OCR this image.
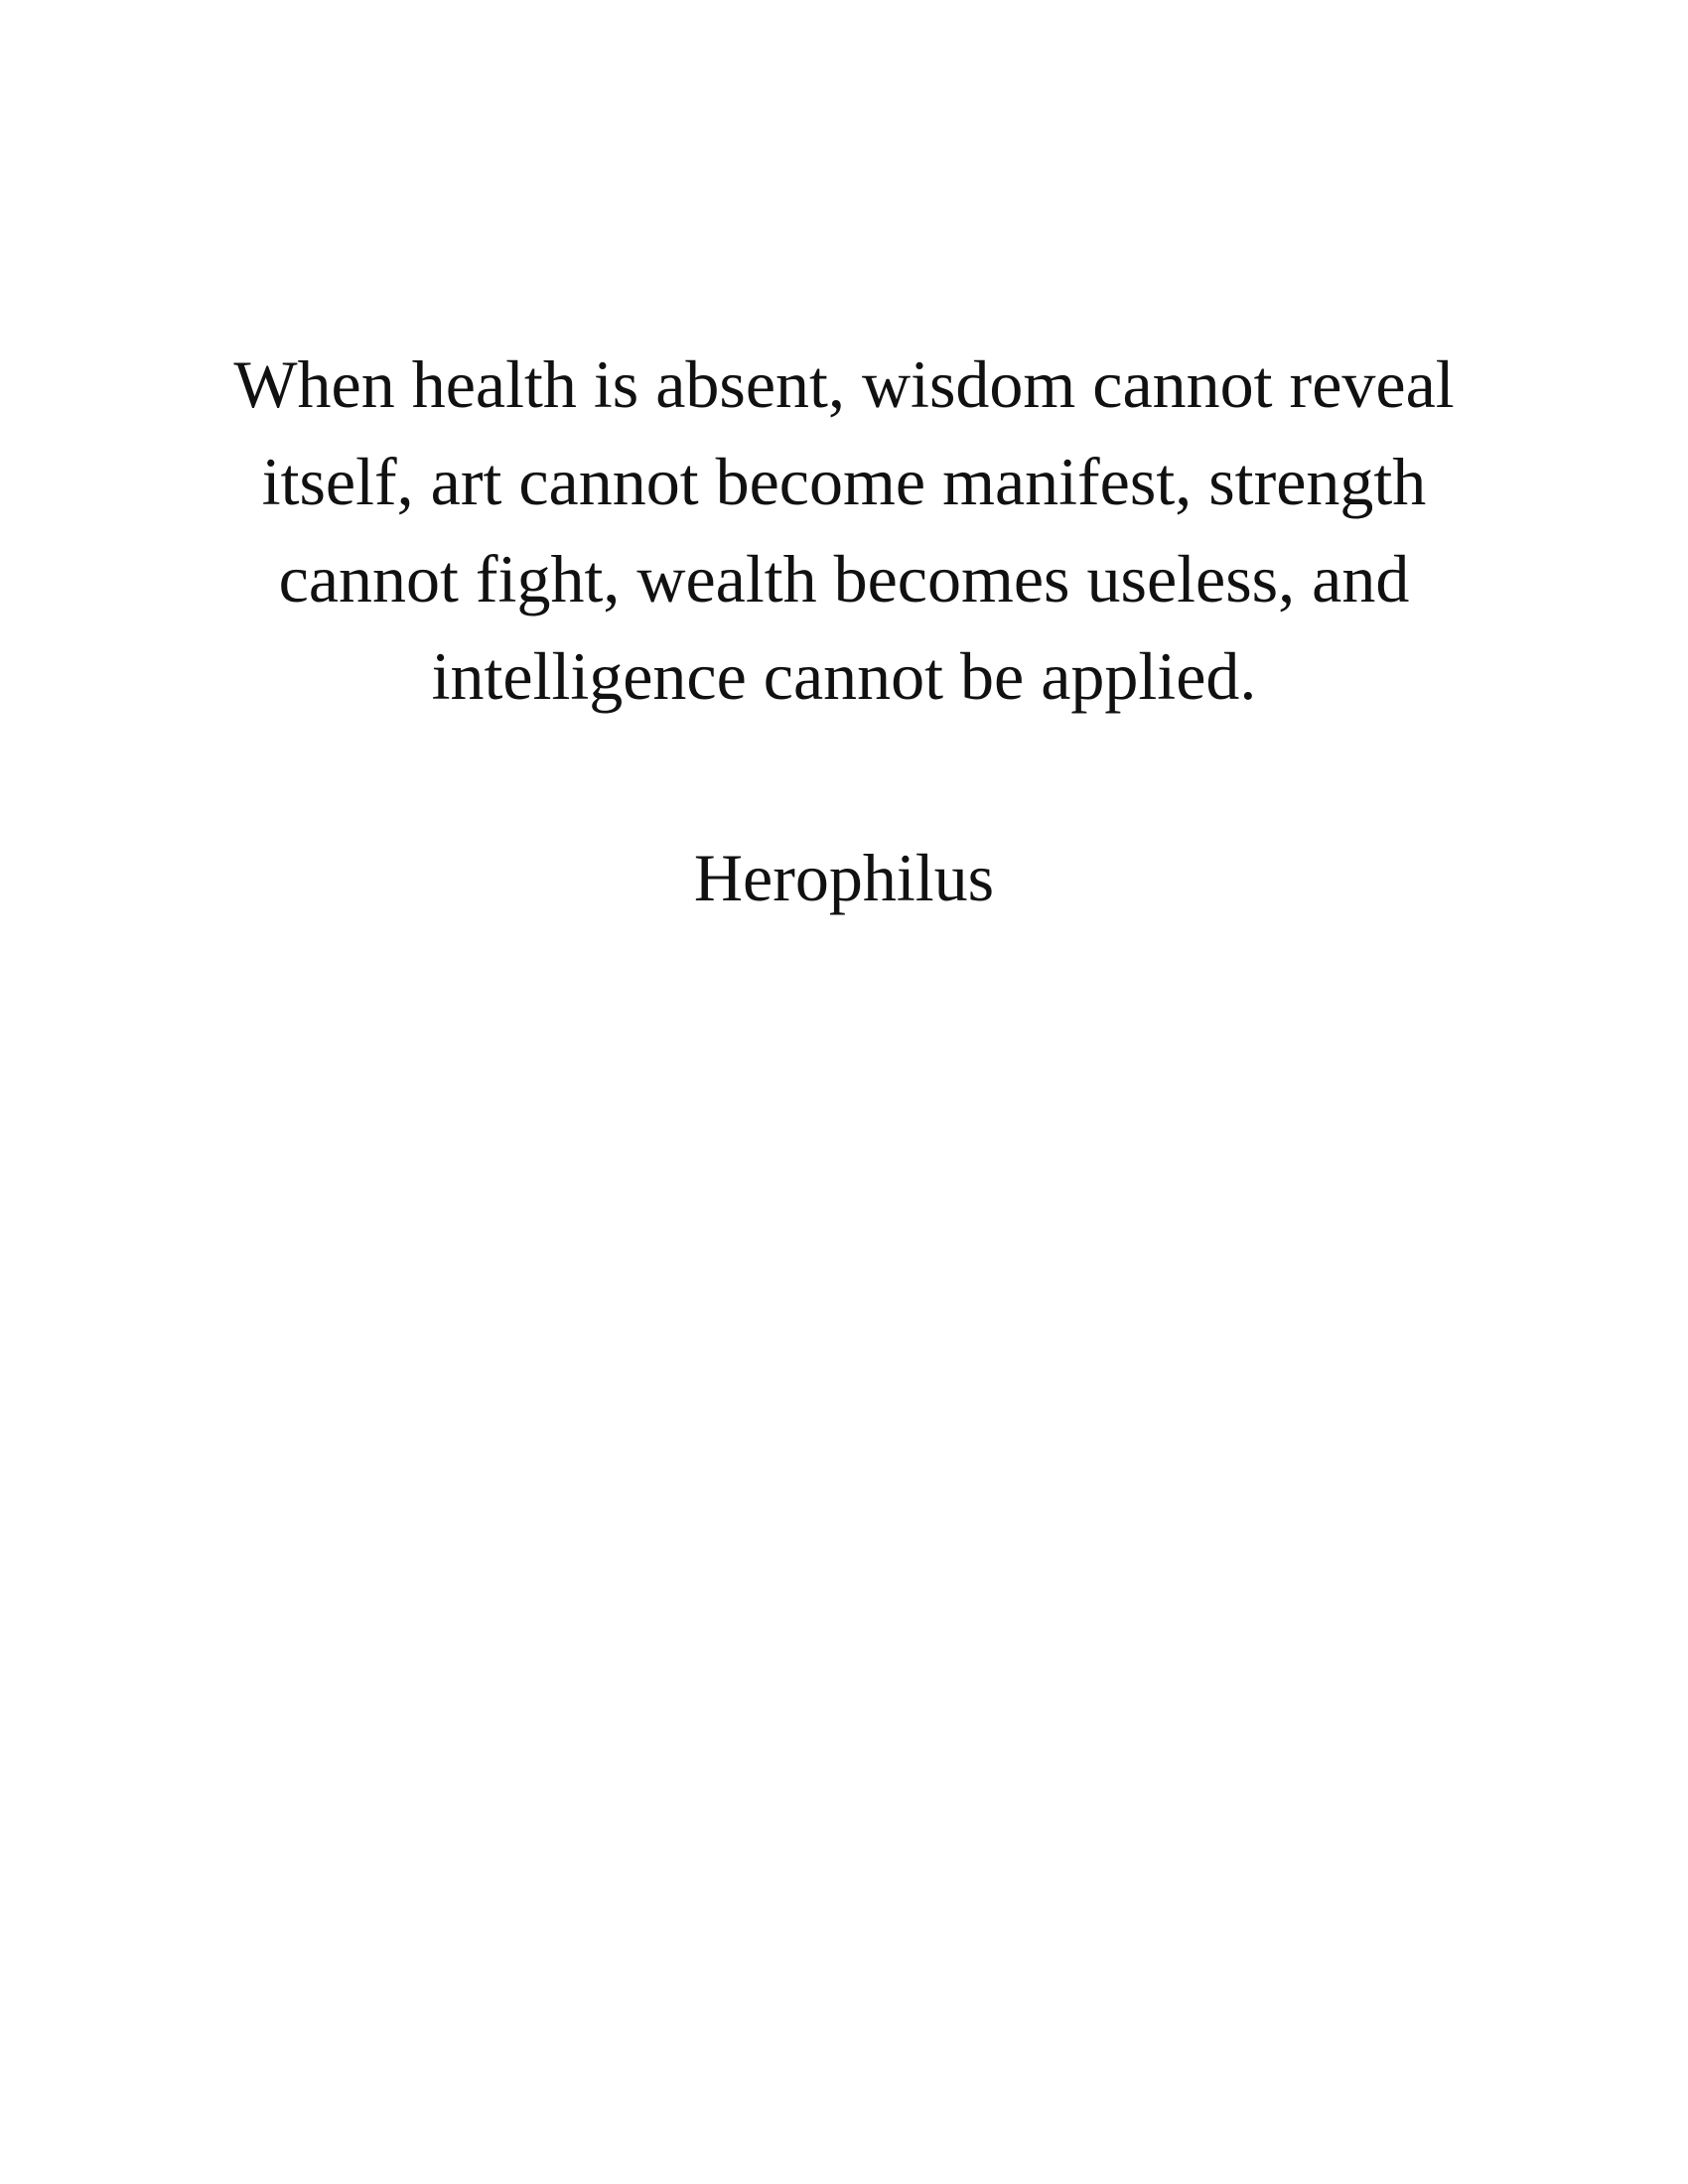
When health is absent, wisdom cannot reveal
itself, art cannot become manifest, strength
cannot fight, wealth becomes useless, and
intelligence cannot be applied.
Herophilus
